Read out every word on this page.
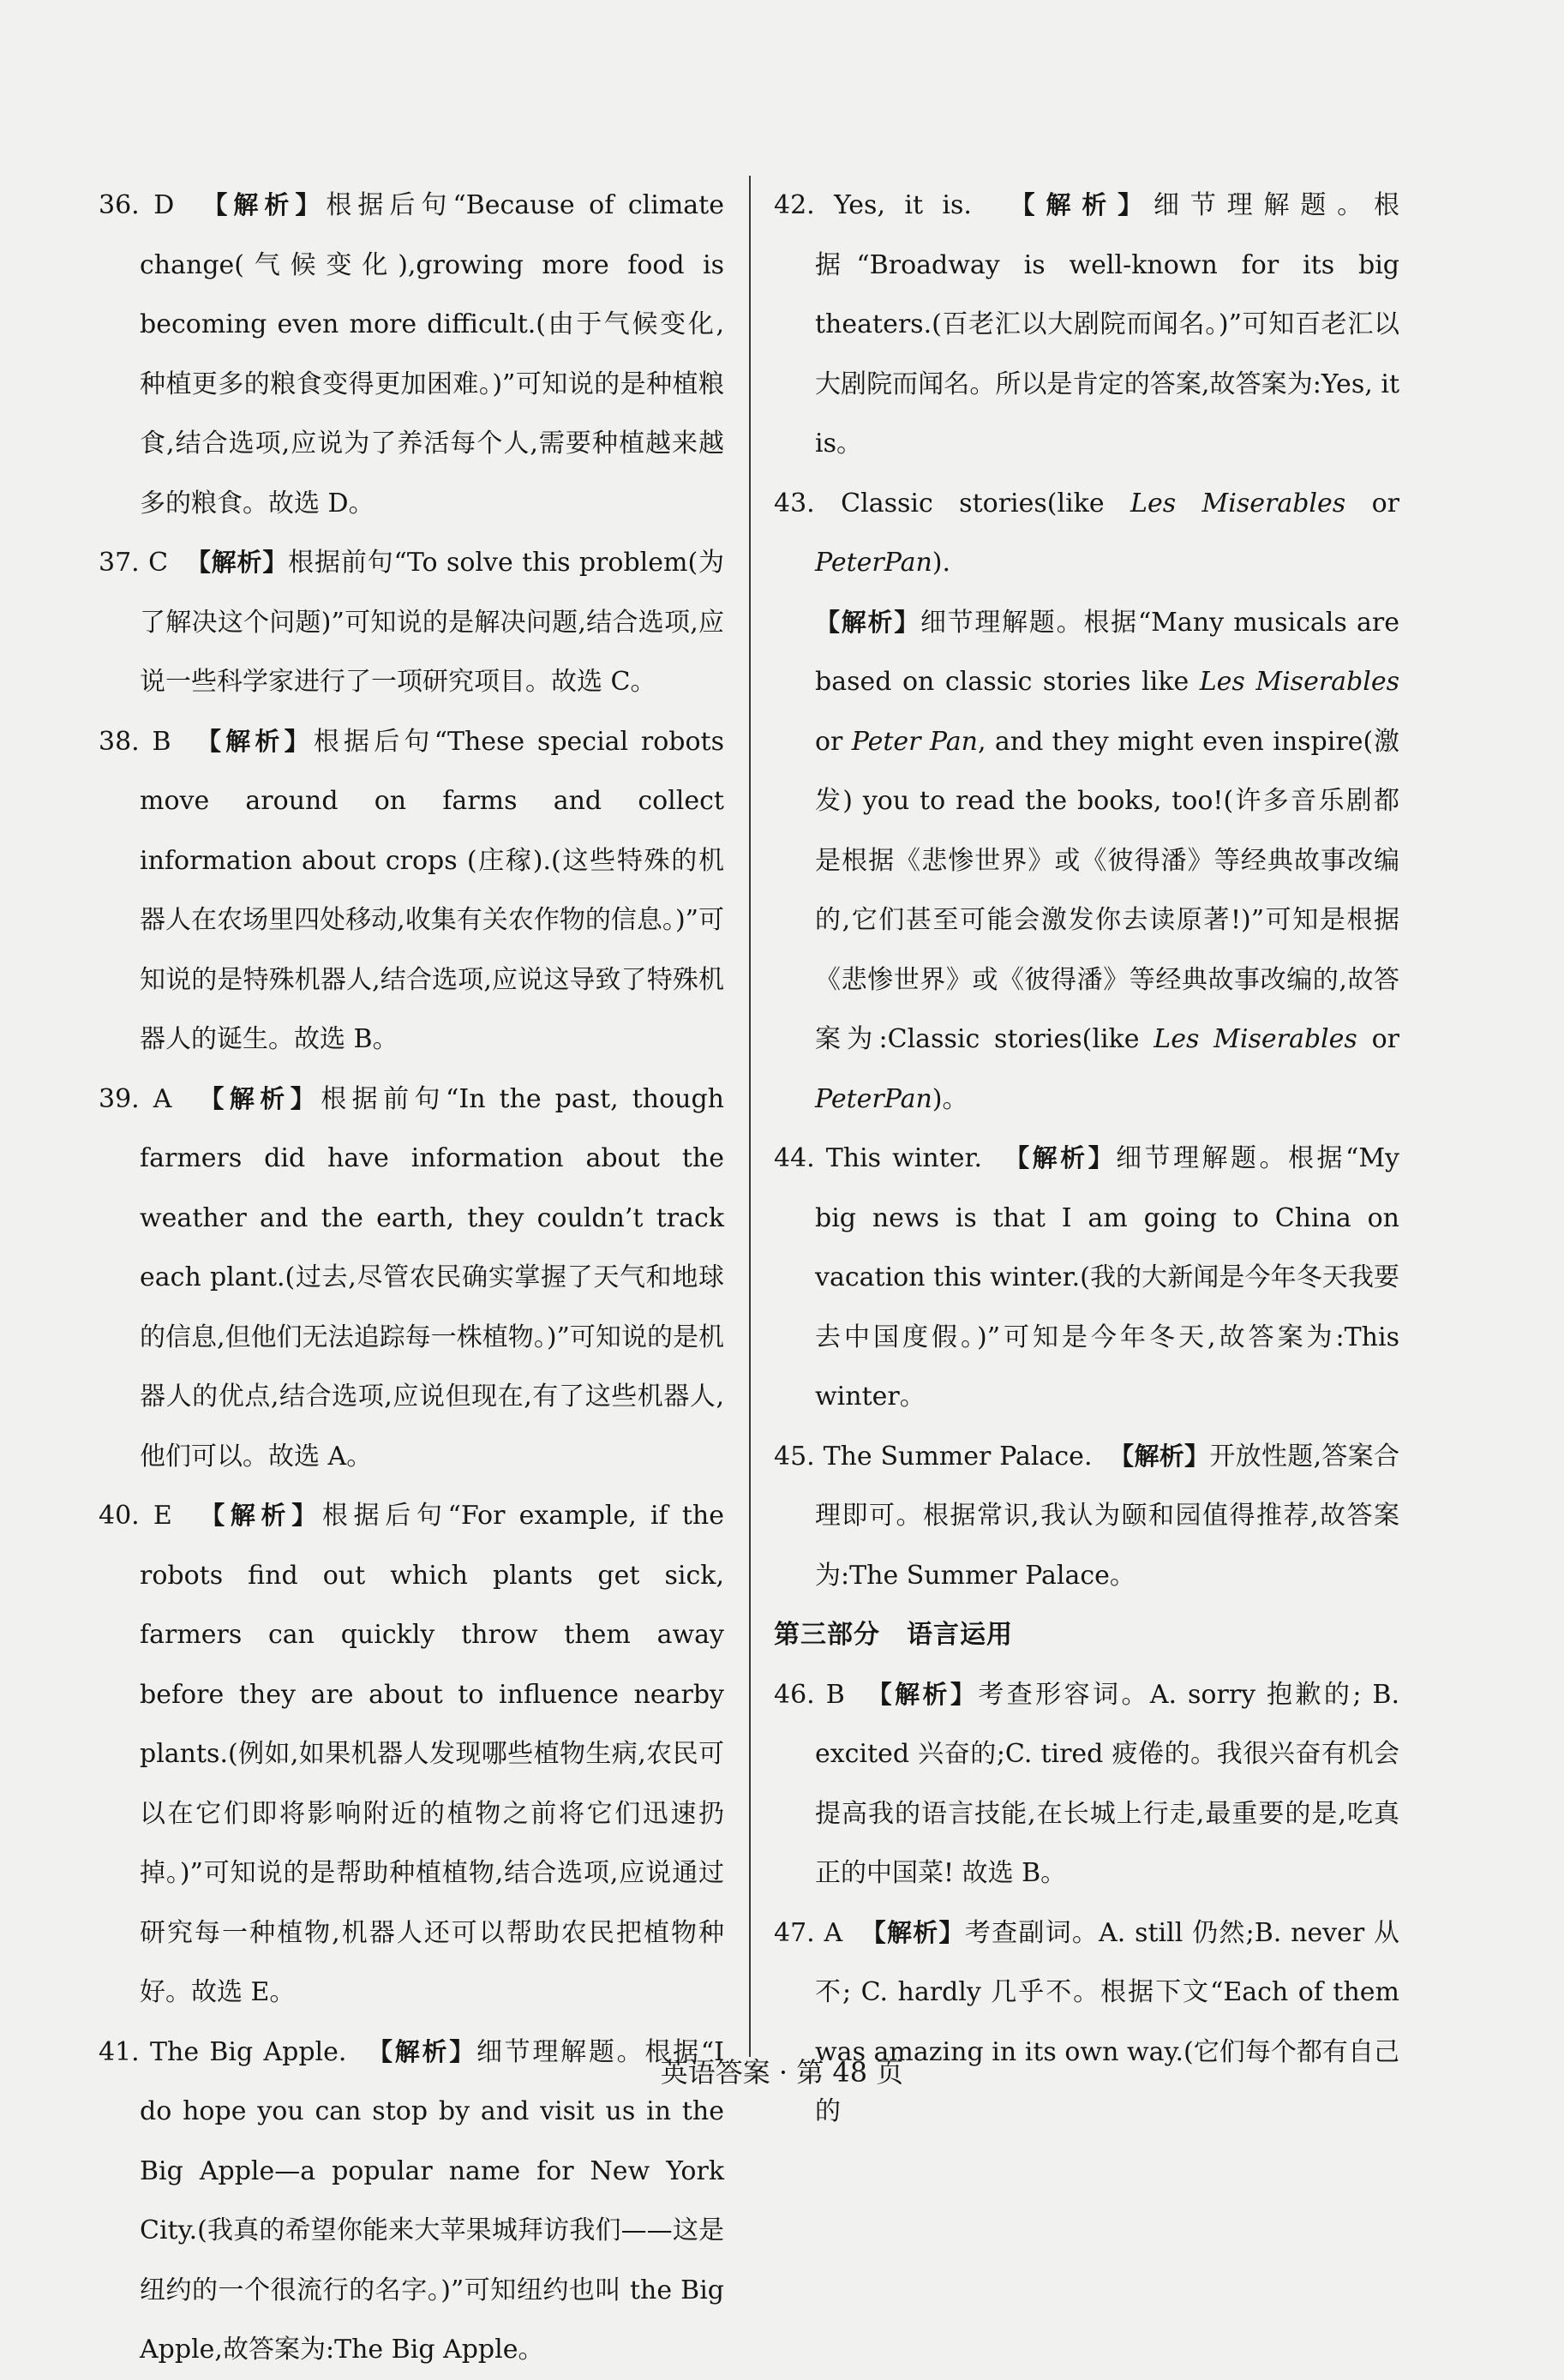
36. D 【解析】根据后句“Because of climate change(气候变化),growing more food is becoming even more difficult.(由于气候变化,种植更多的粮食变得更加困难。)”可知说的是种植粮食,结合选项,应说为了养活每个人,需要种植越来越多的粮食。故选 D。

37. C 【解析】根据前句“To solve this problem(为了解决这个问题)”可知说的是解决问题,结合选项,应说一些科学家进行了一项研究项目。故选 C。

38. B 【解析】根据后句“These special robots move around on farms and collect information about crops (庄稼).(这些特殊的机器人在农场里四处移动,收集有关农作物的信息。)”可知说的是特殊机器人,结合选项,应说这导致了特殊机器人的诞生。故选 B。

39. A 【解析】根据前句“In the past, though farmers did have information about the weather and the earth, they couldn’t track each plant.(过去,尽管农民确实掌握了天气和地球的信息,但他们无法追踪每一株植物。)”可知说的是机器人的优点,结合选项,应说但现在,有了这些机器人,他们可以。故选 A。

40. E 【解析】根据后句“For example, if the robots find out which plants get sick, farmers can quickly throw them away before they are about to influence nearby plants.(例如,如果机器人发现哪些植物生病,农民可以在它们即将影响附近的植物之前将它们迅速扔掉。)”可知说的是帮助种植植物,结合选项,应说通过研究每一种植物,机器人还可以帮助农民把植物种好。故选 E。

41. The Big Apple. 【解析】细节理解题。根据“I do hope you can stop by and visit us in the Big Apple—a popular name for New York City.(我真的希望你能来大苹果城拜访我们——这是纽约的一个很流行的名字。)”可知纽约也叫 the Big Apple,故答案为:The Big Apple。

42. Yes, it is. 【解析】细节理解题。根据“Broadway is well-known for its big theaters.(百老汇以大剧院而闻名。)”可知百老汇以大剧院而闻名。所以是肯定的答案,故答案为:Yes, it is。

43. Classic stories(like Les Miserables or PeterPan).
【解析】细节理解题。根据“Many musicals are based on classic stories like Les Miserables or Peter Pan, and they might even inspire(激发) you to read the books, too!(许多音乐剧都是根据《悲惨世界》或《彼得潘》等经典故事改编的,它们甚至可能会激发你去读原著!)”可知是根据《悲惨世界》或《彼得潘》等经典故事改编的,故答案为:Classic stories(like Les Miserables or PeterPan)。

44. This winter. 【解析】细节理解题。根据“My big news is that I am going to China on vacation this winter.(我的大新闻是今年冬天我要去中国度假。)”可知是今年冬天,故答案为:This winter。

45. The Summer Palace. 【解析】开放性题,答案合理即可。根据常识,我认为颐和园值得推荐,故答案为:The Summer Palace。

第三部分　语言运用

46. B 【解析】考查形容词。A. sorry 抱歉的; B. excited 兴奋的;C. tired 疲倦的。我很兴奋有机会提高我的语言技能,在长城上行走,最重要的是,吃真正的中国菜! 故选 B。

47. A 【解析】考查副词。A. still 仍然;B. never 从不; C. hardly 几乎不。根据下文“Each of them was amazing in its own way.(它们每个都有自己的

英语答案 · 第 48 页
